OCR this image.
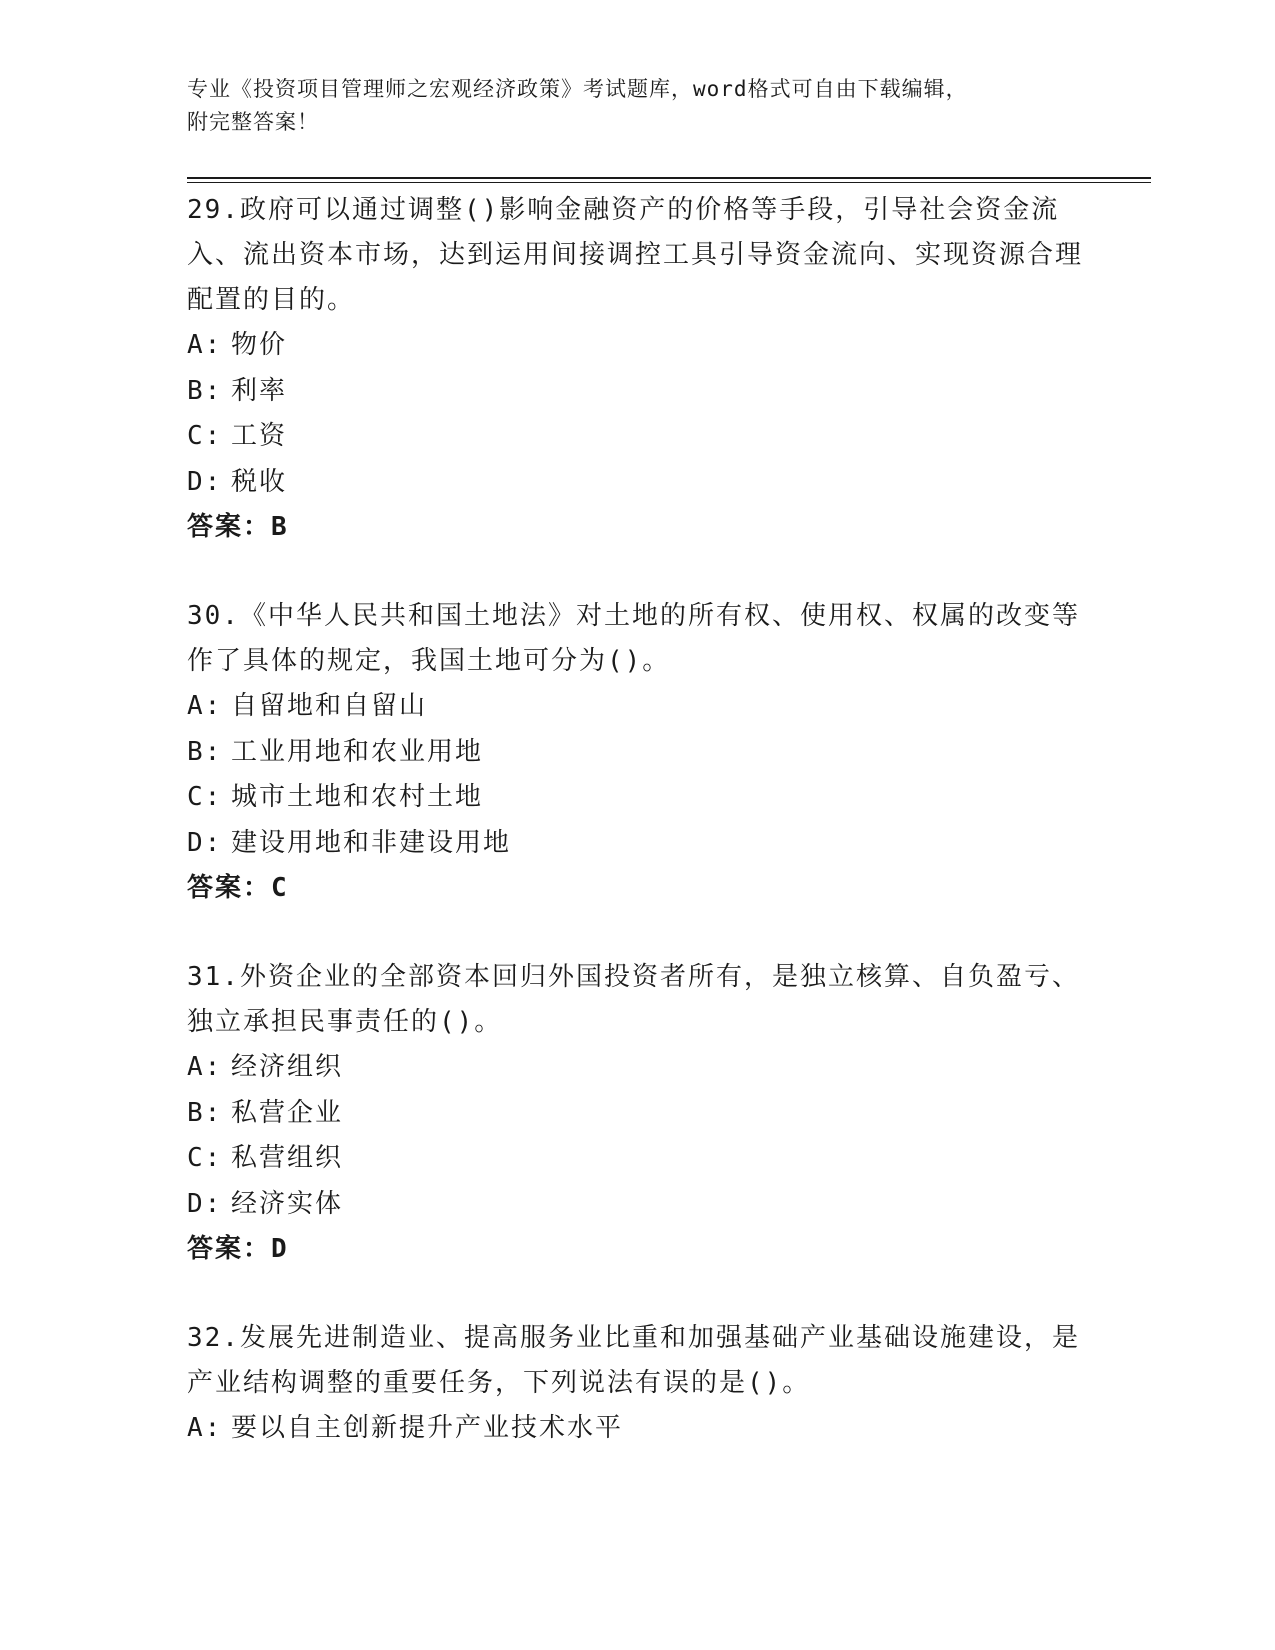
专业《投资项目管理师之宏观经济政策》考试题库，word格式可自由下载编辑，
附完整答案！
29.政府可以通过调整()影响金融资产的价格等手段，引导社会资金流入、流出资本市场，达到运用间接调控工具引导资金流向、实现资源合理配置的目的。
A: 物价
B: 利率
C: 工资
D: 税收
答案：B
30.《中华人民共和国土地法》对土地的所有权、使用权、权属的改变等作了具体的规定，我国土地可分为()。
A: 自留地和自留山
B: 工业用地和农业用地
C: 城市土地和农村土地
D: 建设用地和非建设用地
答案：C
31.外资企业的全部资本回归外国投资者所有，是独立核算、自负盈亏、独立承担民事责任的()。
A: 经济组织
B: 私营企业
C: 私营组织
D: 经济实体
答案：D
32.发展先进制造业、提高服务业比重和加强基础产业基础设施建设，是产业结构调整的重要任务，下列说法有误的是()。
A: 要以自主创新提升产业技术水平
